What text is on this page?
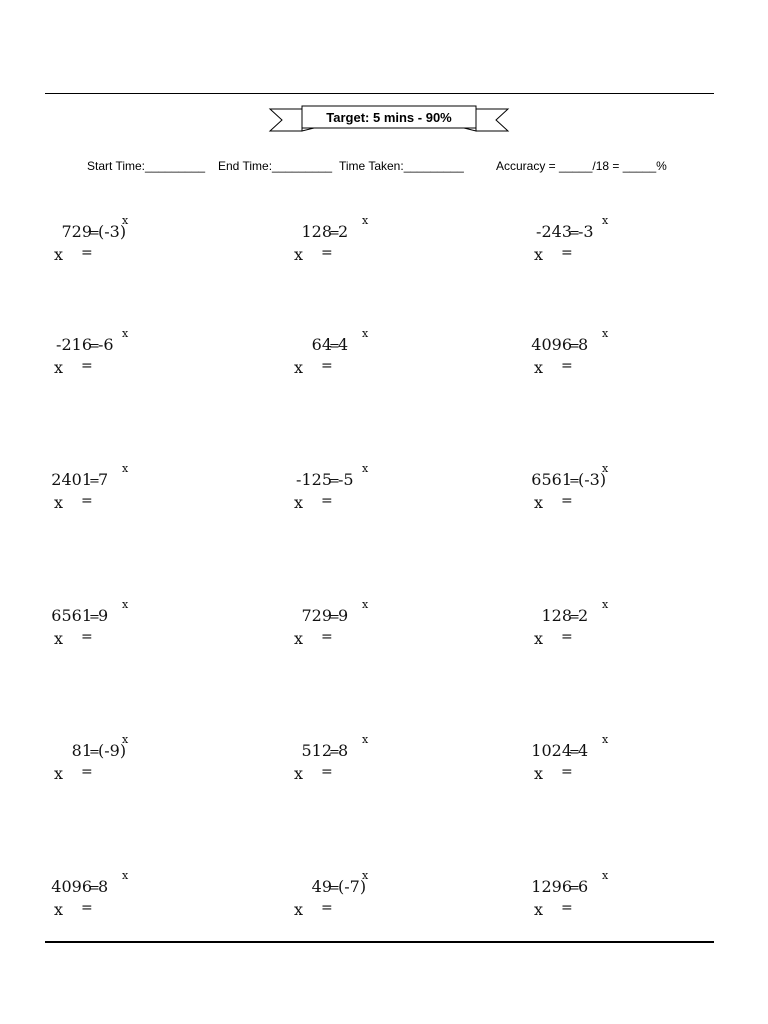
Target: 5 mins - 90%
Start Time:_________ End Time:_________ Time Taken:_________	Accuracy = _____/18 = _____%
729
=
(-3)
x
x =
128
=
2
x
x =
-243
=
-3
x
x =
-216
=
-6
x
x =
64
=
4
x
x =
4096
=
8
x
x =
2401
=
7
x
x =
-125
=
-5
x
x =
6561
=
(-3)
x
x =
6561
=
9
x
x =
729
=
9
x
x =
128
=
2
x
x =
81
=
(-9)
x
x =
512
=
8
x
x =
1024
=
4
x
x =
4096
=
8
x
x =
49
=
(-7)
x
x =
1296
=
6
x
x =
